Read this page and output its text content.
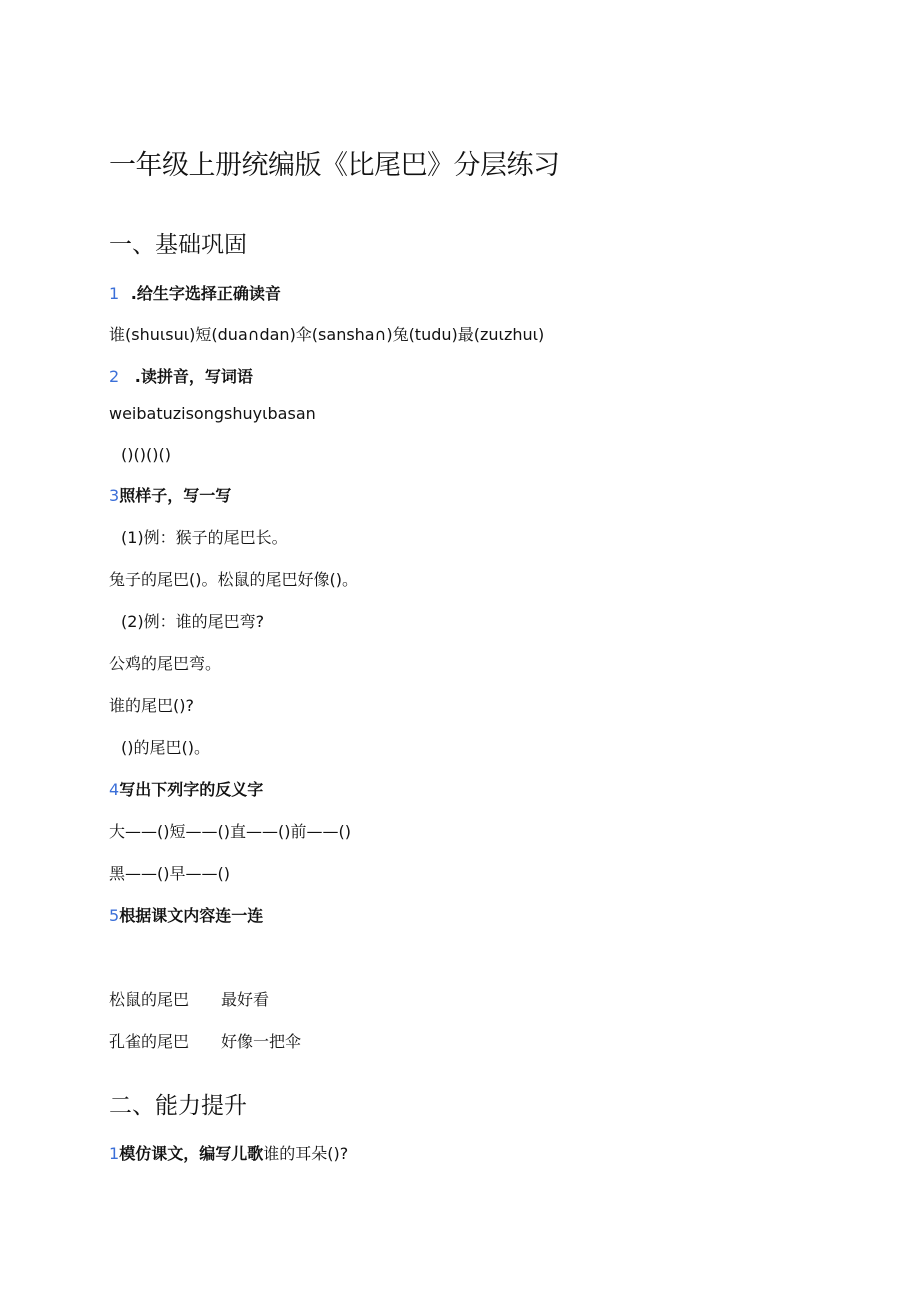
一年级上册统编版《比尾巴》分层练习
一、基础巩固
1 .给生字选择正确读音
谁(shuιsuι)短(dua∩dan)伞(sansha∩)兔(tudu)最(zuιzhuι)
2 .读拼音，写词语
weibatuzisongshuyιbasan
()()()()
3照样子，写一写
(1)例：猴子的尾巴长。
兔子的尾巴()。松鼠的尾巴好像()。
(2)例：谁的尾巴弯?
公鸡的尾巴弯。
谁的尾巴()?
()的尾巴()。
4写出下列字的反义字
大——()短——()直——()前——()
黑——()早——()
5根据课文内容连一连
松鼠的尾巴 最好看
孔雀的尾巴 好像一把伞
二、能力提升
1模仿课文，编写儿歌谁的耳朵()?
